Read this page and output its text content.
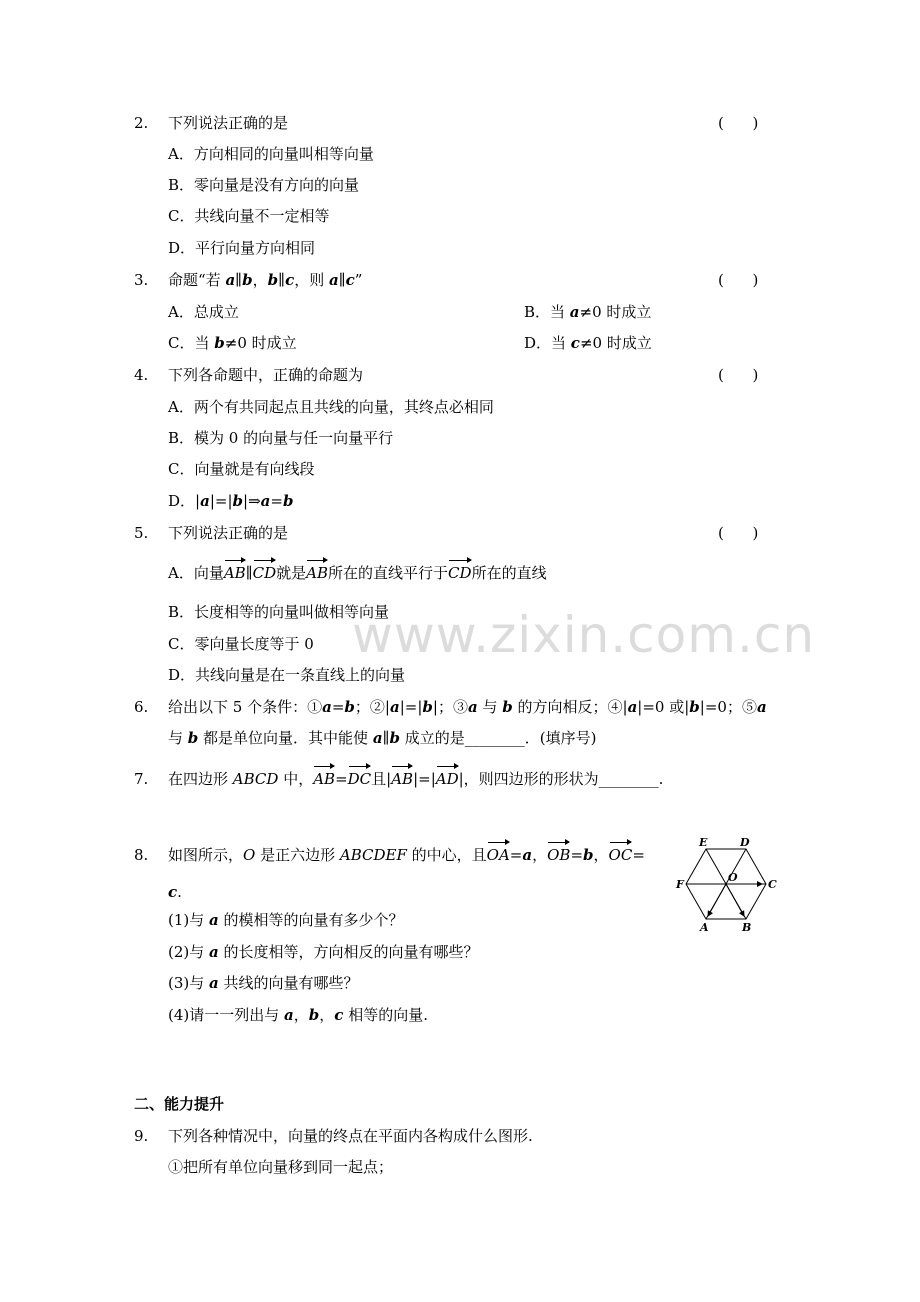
2. 下列说法正确的是	(      )
A．方向相同的向量叫相等向量
B．零向量是没有方向的向量
C．共线向量不一定相等
D．平行向量方向相同
3. 命题“若 a∥b，b∥c，则 a∥c”	(      )
A．总成立	B．当 a≠0 时成立
C．当 b≠0 时成立	D．当 c≠0 时成立
4. 下列各命题中，正确的命题为	(      )
A．两个有共同起点且共线的向量，其终点必相同
B．模为 0 的向量与任一向量平行
C．向量就是有向线段
D．|a|=|b|⇒a=b
5. 下列说法正确的是	(      )
A．向量AB∥CD就是AB所在的直线平行于CD所在的直线
B．长度相等的向量叫做相等向量
C．零向量长度等于 0
D．共线向量是在一条直线上的向量
www.zixin.com.cn
6. 给出以下 5 个条件：①a=b；②|a|=|b|；③a 与 b 的方向相反；④|a|=0 或|b|=0；⑤a
与 b 都是单位向量．其中能使 a∥b 成立的是________．(填序号)
7. 在四边形 ABCD 中，AB=DC且|AB|=|AD|，则四边形的形状为________.
8. 如图所示，O 是正六边形 ABCDEF 的中心，且OA=a，OB=b，OC=
c.
(1)与 a 的模相等的向量有多少个？
(2)与 a 的长度相等，方向相反的向量有哪些？
(3)与 a 共线的向量有哪些？
(4)请一一列出与 a，b，c 相等的向量.
E	D
F
O
C
A	B
二、能力提升
9. 下列各种情况中，向量的终点在平面内各构成什么图形.
①把所有单位向量移到同一起点；
